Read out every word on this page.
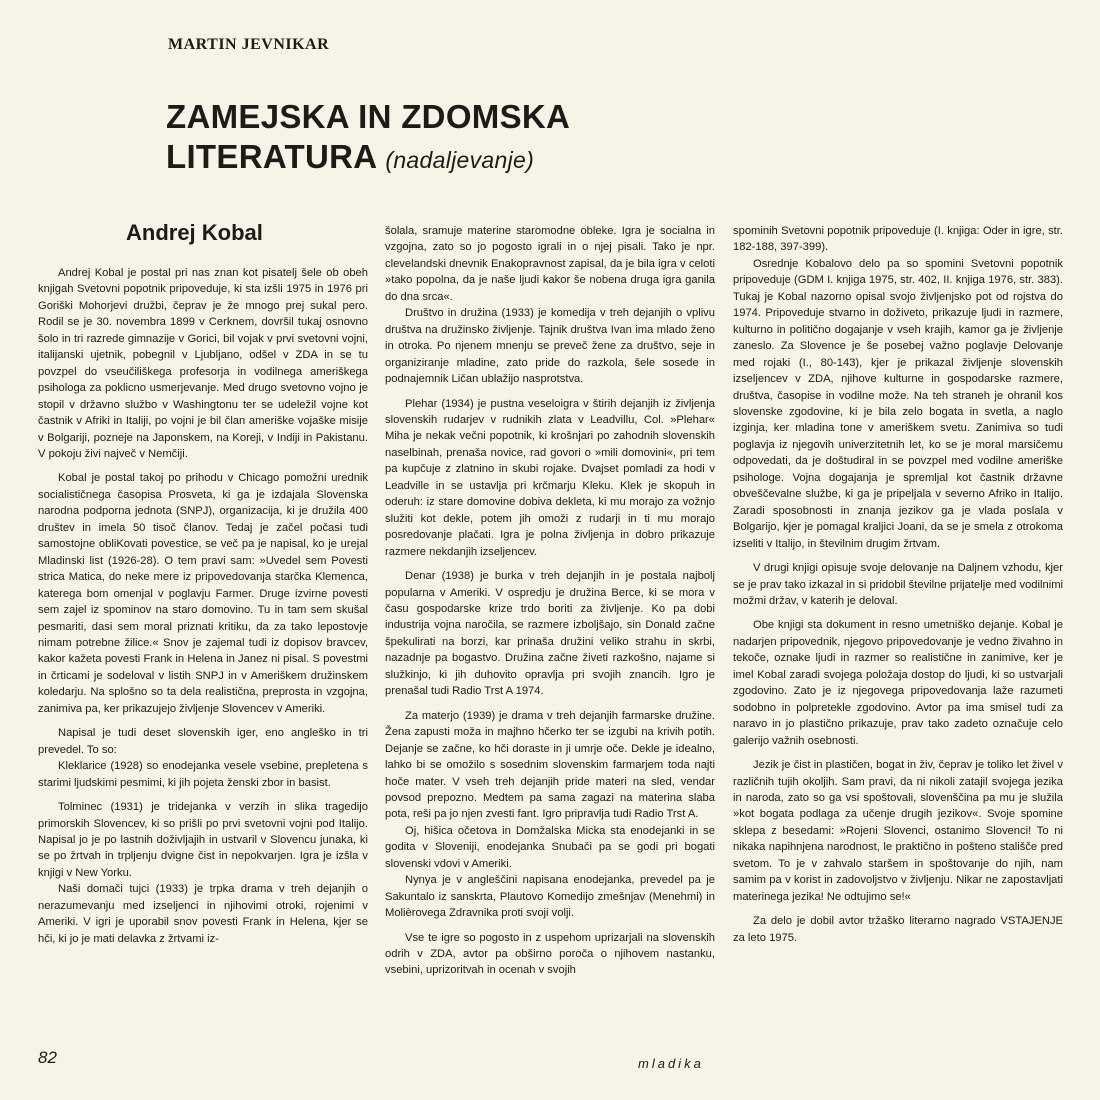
MARTIN JEVNIKAR
ZAMEJSKA IN ZDOMSKA
LITERATURA (nadaljevanje)
Andrej Kobal

Andrej Kobal je postal pri nas znan kot pisatelj šele ob obeh knjigah Svetovni popotnik pripoveduje, ki sta izšli 1975 in 1976 pri Goriški Mohorjevi družbi, čeprav je že mnogo prej sukal pero. Rodil se je 30. novembra 1899 v Cerknem, dovršil tukaj osnovno šolo in tri razrede gimnazije v Gorici, bil vojak v prvi svetovni vojni, italijanski ujetnik, pobegnil v Ljubljano, odšel v ZDA in se tu povzpel do vseučiliškega profesorja in vodilnega ameriškega psihologa za poklicno usmerjevanje. Med drugo svetovno vojno je stopil v državno službo v Washingtonu ter se udeležil vojne kot častnik v Afriki in Italiji, po vojni je bil član ameriške vojaške misije v Bolgariji, pozneje na Japonskem, na Koreji, v Indiji in Pakistanu. V pokoju živi največ v Nemčiji.

Kobal je postal takoj po prihodu v Chicago pomožni urednik socialističnega časopisa Prosveta, ki ga je izdajala Slovenska narodna podporna jednota (SNPJ), organizacija, ki je družila 400 društev in imela 50 tisoč članov. Tedaj je začel počasi tudi samostojne obliKovati povestice, se več pa je napisal, ko je urejal Mladinski list (1926-28). O tem pravi sam: »Uvedel sem Povesti strica Matica, do neke mere iz pripovedovanja starčka Klemenca, katerega bom omenjal v poglavju Farmer. Druge izvirne povesti sem zajel iz spominov na staro domovino. Tu in tam sem skušal pesmariti, dasi sem moral priznati kritiku, da za tako lepostovje nimam potrebne žilice.« Snov je zajemal tudi iz dopisov bravcev, kakor kažeta povesti Frank in Helena in Janez ni pisal. S povestmi in črticami je sodeloval v listih SNPJ in v Ameriškem družinskem koledarju. Na splošno so ta dela realistična, preprosta in vzgojna, zanimiva pa, ker prikazujejo življenje Slovencev v Ameriki.

Napisal je tudi deset slovenskih iger, eno angleško in tri prevedel. To so:

Kleklarice (1928) so enodejanka vesele vsebine, prepletena s starimi ljudskimi pesmimi, ki jih pojeta ženski zbor in basist.

Tolminec (1931) je tridejanka v verzih in slika tragedijo primorskih Slovencev, ki so prišli po prvi svetovni vojni pod Italijo. Napisal jo je po lastnih doživljajih in ustvaril v Slovencu junaka, ki se po žrtvah in trpljenju dvigne čist in nepokvarjen. Igra je izšla v knjigi v New Yorku.

Naši domači tujci (1933) je trpka drama v treh dejanjih o nerazumevanju med izseljenci in njihovimi otroki, rojenimi v Ameriki. V igri je uporabil snov povesti Frank in Helena, kjer se hči, ki jo je mati delavka z žrtvami iz-

šolala, sramuje materine staromodne obleke. Igra je socialna in vzgojna, zato so jo pogosto igrali in o njej pisali. Tako je npr. clevelandski dnevnik Enakopravnost zapisal, da je bila igra v celoti »tako popolna, da je naše ljudi kakor še nobena druga igra ganila do dna srca«.

Društvo in družina (1933) je komedija v treh dejanjih o vplivu društva na družinsko življenje. Tajnik društva Ivan ima mlado ženo in otroka. Po njenem mnenju se preveč žene za društvo, seje in organiziranje mladine, zato pride do razkola, šele sosede in podnajemnik Ličan ublažijo nasprotstva.

Plehar (1934) je pustna veseloigra v štirih dejanjih iz življenja slovenskih rudarjev v rudnikih zlata v Leadvillu, Col. »Plehar« Miha je nekak večni popotnik, ki krošnjari po zahodnih slovenskih naselbinah, prenaša novice, rad govori o »mili domovini«, pri tem pa kupčuje z zlatnino in skubi rojake. Dvajset pomladi za hodi v Leadville in se ustavlja pri krčmarju Kleku. Klek je skopuh in oderuh: iz stare domovine dobiva dekleta, ki mu morajo za vožnjo služiti kot dekle, potem jih omoži z rudarji in ti mu morajo posredovanje plačati. Igra je polna življenja in dobro prikazuje razmere nekdanjih izseljencev.

Denar (1938) je burka v treh dejanjih in je postala najbolj popularna v Ameriki. V ospredju je družina Berce, ki se mora v času gospodarske krize trdo boriti za življenje. Ko pa dobi industrija vojna naročila, se razmere izboljšajo, sin Donald začne špekulirati na borzi, kar prinaša družini veliko strahu in skrbi, nazadnje pa bogastvo. Družina začne živeti razkošno, najame si služkinjo, ki jih duhovito opravlja pri svojih znancih. Igro je prenašal tudi Radio Trst A 1974.

Za materjo (1939) je drama v treh dejanjih farmarske družine. Žena zapusti moža in majhno hčerko ter se izgubi na krivih potih. Dejanje se začne, ko hči doraste in ji umrje oče. Dekle je idealno, lahko bi se omožilo s sosednim slovenskim farmarjem toda najti hoče mater. V vseh treh dejanjih pride materi na sled, vendar povsod prepozno. Medtem pa sama zagazi na materina slaba pota, reši pa jo njen zvesti fant. Igro pripravlja tudi Radio Trst A.

Oj, hišica očetova in Domžalska Micka sta enodejanki in se godita v Sloveniji, enodejanka Snubači pa se godi pri bogati slovenski vdovi v Ameriki.

Nynya je v angleščini napisana enodejanka, prevedel pa je Sakuntalo iz sanskrta, Plautovo Komedijo zmešnjav (Menehmi) in Molièrovega Zdravnika proti svoji volji.

Vse te igre so pogosto in z uspehom uprizarjali na slovenskih odrih v ZDA, avtor pa obširno poroča o njihovem nastanku, vsebini, uprizoritvah in ocenah v svojih

spominih Svetovni popotnik pripoveduje (I. knjiga: Oder in igre, str. 182-188, 397-399).

Osrednje Kobalovo delo pa so spomini Svetovni popotnik pripoveduje (GDM I. knjiga 1975, str. 402, II. knjiga 1976, str. 383). Tukaj je Kobal nazorno opisal svojo življenjsko pot od rojstva do 1974. Pripoveduje stvarno in doživeto, prikazuje ljudi in razmere, kulturno in politično dogajanje v vseh krajih, kamor ga je življenje zaneslo. Za Slovence je še posebej važno poglavje Delovanje med rojaki (I., 80-143), kjer je prikazal življenje slovenskih izseljencev v ZDA, njihove kulturne in gospodarske razmere, društva, časopise in vodilne može. Na teh straneh je ohranil kos slovenske zgodovine, ki je bila zelo bogata in svetla, a naglo izginja, ker mladina tone v ameriškem svetu. Zanimiva so tudi poglavja iz njegovih univerzitetnih let, ko se je moral marsičemu odpovedati, da je doštudiral in se povzpel med vodilne ameriške psihologe. Vojna dogajanja je spremljal kot častnik državne obveščevalne službe, ki ga je pripeljala v severno Afriko in Italijo. Zaradi sposobnosti in znanja jezikov ga je vlada poslala v Bolgarijo, kjer je pomagal kraljici Joani, da se je smela z otrokoma izseliti v Italijo, in številnim drugim žrtvam.

V drugi knjigi opisuje svoje delovanje na Daljnem vzhodu, kjer se je prav tako izkazal in si pridobil številne prijatelje med vodilnimi možmi držav, v katerih je deloval.

Obe knjigi sta dokument in resno umetniško dejanje. Kobal je nadarjen pripovednik, njegovo pripovedovanje je vedno živahno in tekoče, oznake ljudi in razmer so realistične in zanimive, ker je imel Kobal zaradi svojega položaja dostop do ljudi, ki so ustvarjali zgodovino. Zato je iz njegovega pripovedovanja laže razumeti sodobno in polpretekle zgodovino. Avtor pa ima smisel tudi za naravo in jo plastično prikazuje, prav tako zadeto označuje celo galerijo važnih osebnosti.

Jezik je čist in plastičen, bogat in živ, čeprav je toliko let živel v različnih tujih okoljih. Sam pravi, da ni nikoli zatajil svojega jezika in naroda, zato so ga vsi spoštovali, slovenščina pa mu je služila »kot bogata podlaga za učenje drugih jezikov«. Svoje spomine sklepa z besedami: »Rojeni Slovenci, ostanimo Slovenci! To ni nikaka napihnjena narodnost, le praktično in pošteno stališče pred svetom. To je v zahvalo staršem in spoštovanje do njih, nam samim pa v korist in zadovoljstvo v življenju. Nikar ne zapostavljati materinega jezika! Ne odtujimo se!«

Za delo je dobil avtor tržaško literarno nagrado VSTAJENJE za leto 1975.

82	mladika
